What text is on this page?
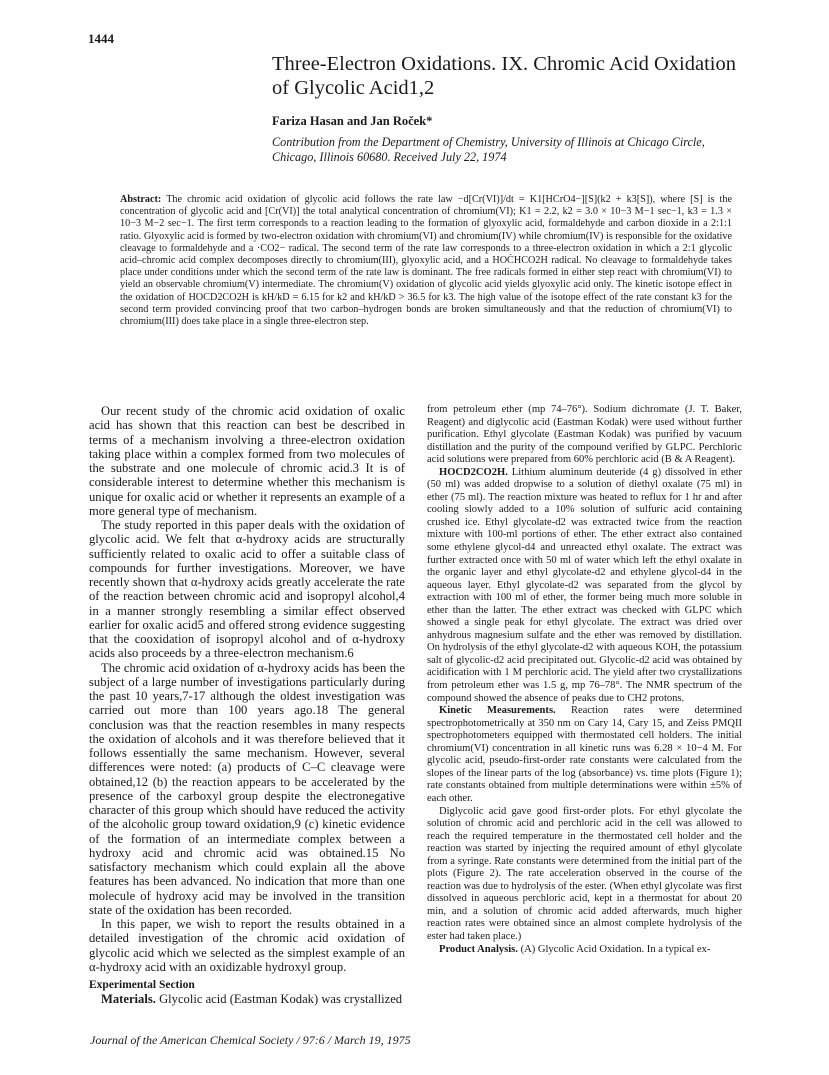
1444
Three-Electron Oxidations. IX. Chromic Acid Oxidation of Glycolic Acid1,2
Fariza Hasan and Jan Roček*
Contribution from the Department of Chemistry, University of Illinois at Chicago Circle, Chicago, Illinois 60680. Received July 22, 1974
Abstract: The chromic acid oxidation of glycolic acid follows the rate law −d[Cr(VI)]/dt = K1[HCrO4−][S](k2 + k3[S]), where [S] is the concentration of glycolic acid and [Cr(VI)] the total analytical concentration of chromium(VI); K1 = 2.2, k2 = 3.0 × 10−3 M−1 sec−1, k3 = 1.3 × 10−3 M−2 sec−1. The first term corresponds to a reaction leading to the formation of glyoxylic acid, formaldehyde and carbon dioxide in a 2:1:1 ratio. Glyoxylic acid is formed by two-electron oxidation with chromium(VI) and chromium(IV) while chromium(IV) is responsible for the oxidative cleavage to formaldehyde and a ·CO2− radical. The second term of the rate law corresponds to a three-electron oxidation in which a 2:1 glycolic acid–chromic acid complex decomposes directly to chromium(III), glyoxylic acid, and a HOĊHCO2H radical. No cleavage to formaldehyde takes place under conditions under which the second term of the rate law is dominant. The free radicals formed in either step react with chromium(VI) to yield an observable chromium(V) intermediate. The chromium(V) oxidation of glycolic acid yields glyoxylic acid only. The kinetic isotope effect in the oxidation of HOCD2CO2H is kH/kD = 6.15 for k2 and kH/kD > 36.5 for k3. The high value of the isotope effect of the rate constant k3 for the second term provided convincing proof that two carbon–hydrogen bonds are broken simultaneously and that the reduction of chromium(VI) to chromium(III) does take place in a single three-electron step.

Our recent study of the chromic acid oxidation of oxalic acid has shown that this reaction can best be described in terms of a mechanism involving a three-electron oxidation taking place within a complex formed from two molecules of the substrate and one molecule of chromic acid.3 It is of considerable interest to determine whether this mechanism is unique for oxalic acid or whether it represents an example of a more general type of mechanism.

The study reported in this paper deals with the oxidation of glycolic acid. We felt that α-hydroxy acids are structurally sufficiently related to oxalic acid to offer a suitable class of compounds for further investigations. Moreover, we have recently shown that α-hydroxy acids greatly accelerate the rate of the reaction between chromic acid and isopropyl alcohol,4 in a manner strongly resembling a similar effect observed earlier for oxalic acid5 and offered strong evidence suggesting that the cooxidation of isopropyl alcohol and of α-hydroxy acids also proceeds by a three-electron mechanism.6

The chromic acid oxidation of α-hydroxy acids has been the subject of a large number of investigations particularly during the past 10 years,7-17 although the oldest investigation was carried out more than 100 years ago.18 The general conclusion was that the reaction resembles in many respects the oxidation of alcohols and it was therefore believed that it follows essentially the same mechanism. However, several differences were noted: (a) products of C–C cleavage were obtained,12 (b) the reaction appears to be accelerated by the presence of the carboxyl group despite the electronegative character of this group which should have reduced the activity of the alcoholic group toward oxidation,9 (c) kinetic evidence of the formation of an intermediate complex between a hydroxy acid and chromic acid was obtained.15 No satisfactory mechanism which could explain all the above features has been advanced. No indication that more than one molecule of hydroxy acid may be involved in the transition state of the oxidation has been recorded.

In this paper, we wish to report the results obtained in a detailed investigation of the chromic acid oxidation of glycolic acid which we selected as the simplest example of an α-hydroxy acid with an oxidizable hydroxyl group.

Experimental Section

Materials. Glycolic acid (Eastman Kodak) was crystallized

from petroleum ether (mp 74–76°). Sodium dichromate (J. T. Baker, Reagent) and diglycolic acid (Eastman Kodak) were used without further purification. Ethyl glycolate (Eastman Kodak) was purified by vacuum distillation and the purity of the compound verified by GLPC. Perchloric acid solutions were prepared from 60% perchloric acid (B & A Reagent).

HOCD2CO2H. Lithium aluminum deuteride (4 g) dissolved in ether (50 ml) was added dropwise to a solution of diethyl oxalate (75 ml) in ether (75 ml). The reaction mixture was heated to reflux for 1 hr and after cooling slowly added to a 10% solution of sulfuric acid containing crushed ice. Ethyl glycolate-d2 was extracted twice from the reaction mixture with 100-ml portions of ether. The ether extract also contained some ethylene glycol-d4 and unreacted ethyl oxalate. The extract was further extracted once with 50 ml of water which left the ethyl oxalate in the organic layer and ethyl glycolate-d2 and ethylene glycol-d4 in the aqueous layer. Ethyl glycolate-d2 was separated from the glycol by extraction with 100 ml of ether, the former being much more soluble in ether than the latter. The ether extract was checked with GLPC which showed a single peak for ethyl glycolate. The extract was dried over anhydrous magnesium sulfate and the ether was removed by distillation. On hydrolysis of the ethyl glycolate-d2 with aqueous KOH, the potassium salt of glycolic-d2 acid precipitated out. Glycolic-d2 acid was obtained by acidification with 1 M perchloric acid. The yield after two crystallizations from petroleum ether was 1.5 g, mp 76–78°. The NMR spectrum of the compound showed the absence of peaks due to CH2 protons.

Kinetic Measurements. Reaction rates were determined spectrophotometrically at 350 nm on Cary 14, Cary 15, and Zeiss PMQII spectrophotometers equipped with thermostated cell holders. The initial chromium(VI) concentration in all kinetic runs was 6.28 × 10−4 M. For glycolic acid, pseudo-first-order rate constants were calculated from the slopes of the linear parts of the log (absorbance) vs. time plots (Figure 1); rate constants obtained from multiple determinations were within ±5% of each other.

Diglycolic acid gave good first-order plots. For ethyl glycolate the solution of chromic acid and perchloric acid in the cell was allowed to reach the required temperature in the thermostated cell holder and the reaction was started by injecting the required amount of ethyl glycolate from a syringe. Rate constants were determined from the initial part of the plots (Figure 2). The rate acceleration observed in the course of the reaction was due to hydrolysis of the ester. (When ethyl glycolate was first dissolved in aqueous perchloric acid, kept in a thermostat for about 20 min, and a solution of chromic acid added afterwards, much higher reaction rates were obtained since an almost complete hydrolysis of the ester had taken place.)

Product Analysis. (A) Glycolic Acid Oxidation. In a typical ex-

Journal of the American Chemical Society / 97:6 / March 19, 1975
